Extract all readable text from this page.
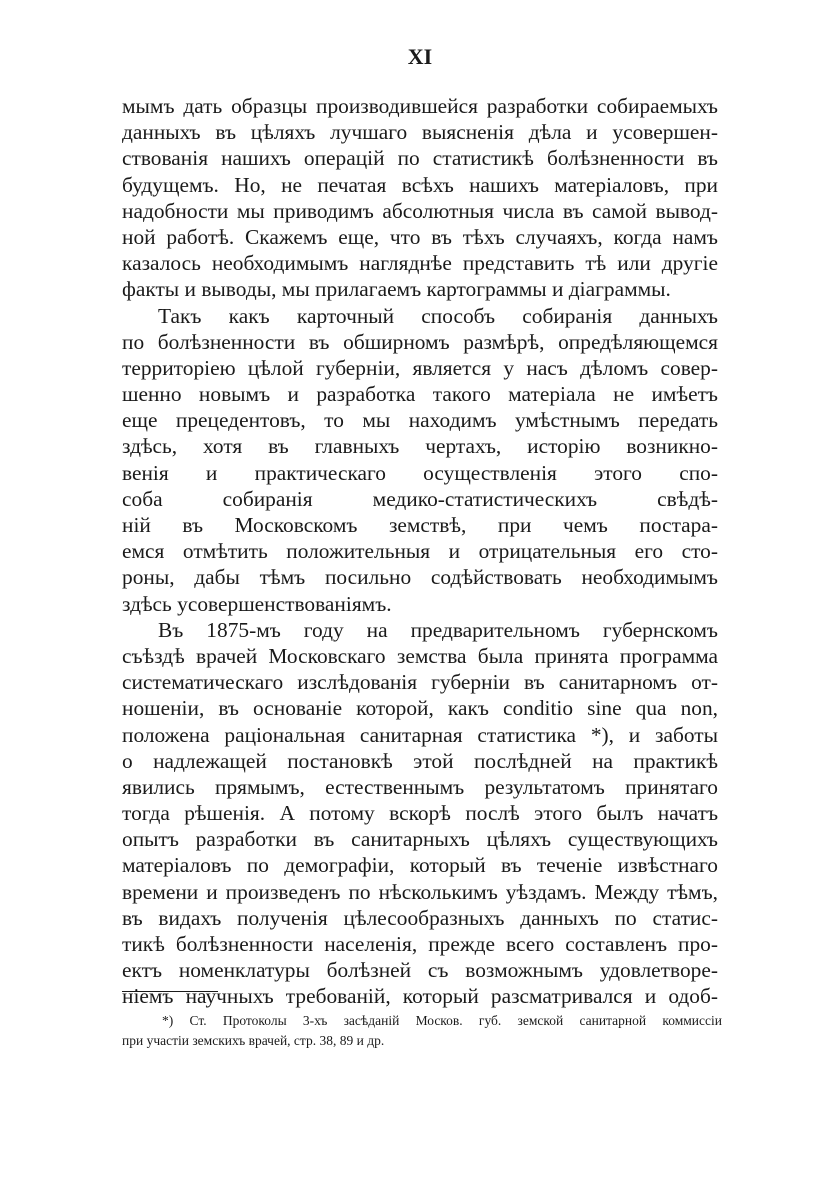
XI
мымъ дать образцы производившейся разработки собираемыхъ
данныхъ въ цѣляхъ лучшаго выясненія дѣла и усовершен-
ствованія нашихъ операцій по статистикѣ болѣзненности въ
будущемъ. Но, не печатая всѣхъ нашихъ матеріаловъ, при
надобности мы приводимъ абсолютныя числа въ самой вывод-
ной работѣ. Скажемъ еще, что въ тѣхъ случаяхъ, когда намъ
казалось необходимымъ нагляднѣе представить тѣ или другіе
факты и выводы, мы прилагаемъ картограммы и діаграммы.
Такъ какъ карточный способъ собиранія данныхъ
по болѣзненности въ обширномъ размѣрѣ, опредѣляющемся
территоріею цѣлой губерніи, является у насъ дѣломъ совер-
шенно новымъ и разработка такого матеріала не имѣетъ
еще прецедентовъ, то мы находимъ умѣстнымъ передать
здѣсь, хотя въ главныхъ чертахъ, исторію возникно-
венія и практическаго осуществленія этого спо-
соба собиранія медико-статистическихъ свѣдѣ-
ній въ Московскомъ земствѣ, при чемъ постара-
емся отмѣтить положительныя и отрицательныя его сто-
роны, дабы тѣмъ посильно содѣйствовать необходимымъ
здѣсь усовершенствованіямъ.
Въ 1875-мъ году на предварительномъ губернскомъ
съѣздѣ врачей Московскаго земства была принята программа
систематическаго изслѣдованія губерніи въ санитарномъ от-
ношеніи, въ основаніе которой, какъ conditio sine qua non,
положена раціональная санитарная статистика *), и заботы
о надлежащей постановкѣ этой послѣдней на практикѣ
явились прямымъ, естественнымъ результатомъ принятаго
тогда рѣшенія. А потому вскорѣ послѣ этого былъ начатъ
опытъ разработки въ санитарныхъ цѣляхъ существующихъ
матеріаловъ по демографіи, который въ теченіе извѣстнаго
времени и произведенъ по нѣсколькимъ уѣздамъ. Между тѣмъ,
въ видахъ полученія цѣлесообразныхъ данныхъ по статис-
тикѣ болѣзненности населенія, прежде всего составленъ про-
ектъ номенклатуры болѣзней съ возможнымъ удовлетворе-
ніемъ научныхъ требованій, который разсматривался и одоб-
*) Ст. Протоколы 3-хъ засѣданій Москов. губ. земской санитарной коммиссіи
при участіи земскихъ врачей, стр. 38, 89 и др.
